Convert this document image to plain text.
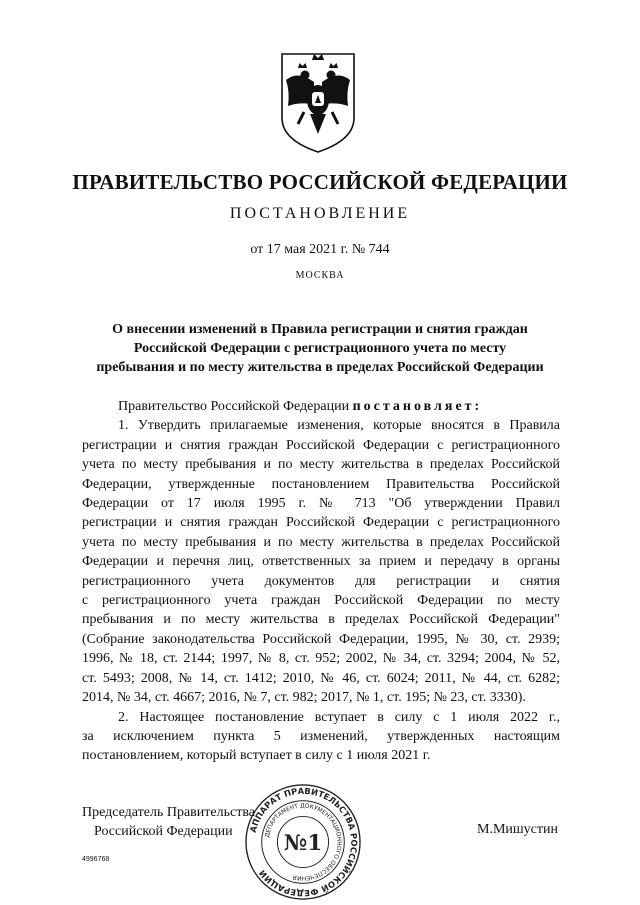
ПРАВИТЕЛЬСТВО РОССИЙСКОЙ ФЕДЕРАЦИИ
ПОСТАНОВЛЕНИЕ
от 17 мая 2021 г. № 744
МОСКВА
О внесении изменений в Правила регистрации и снятия граждан
Российской Федерации с регистрационного учета по месту
пребывания и по месту жительства в пределах Российской Федерации
Правительство Российской Федерации постановляет:
1. Утвердить прилагаемые изменения, которые вносятся в Правила
регистрации и снятия граждан Российской Федерации с регистрационного
учета по месту пребывания и по месту жительства в пределах Российской
Федерации, утвержденные постановлением Правительства Российской
Федерации от 17 июля 1995 г. № 713 "Об утверждении Правил
регистрации и снятия граждан Российской Федерации с регистрационного
учета по месту пребывания и по месту жительства в пределах Российской
Федерации и перечня лиц, ответственных за прием и передачу в органы
регистрационного учета документов для регистрации и снятия
с регистрационного учета граждан Российской Федерации по месту
пребывания и по месту жительства в пределах Российской Федерации"
(Собрание законодательства Российской Федерации, 1995, № 30, ст. 2939;
1996, № 18, ст. 2144; 1997, № 8, ст. 952; 2002, № 34, ст. 3294; 2004, № 52,
ст. 5493; 2008, № 14, ст. 1412; 2010, № 46, ст. 6024; 2011, № 44, ст. 6282;
2014, № 34, ст. 4667; 2016, № 7, ст. 982; 2017, № 1, ст. 195; № 23, ст. 3330).
2. Настоящее постановление вступает в силу с 1 июля 2022 г.,
за исключением пункта 5 изменений, утвержденных настоящим
постановлением, который вступает в силу с 1 июля 2021 г.
Председатель Правительства
Российской Федерации	М.Мишустин
АППАРАТ ПРАВИТЕЛЬСТВА РОССИЙСКОЙ ФЕДЕРАЦИИ
ДЕПАРТАМЕНТ ДОКУМЕНТАЦИОННОГО ОБЕСПЕЧЕНИЯ
№1
4996768
